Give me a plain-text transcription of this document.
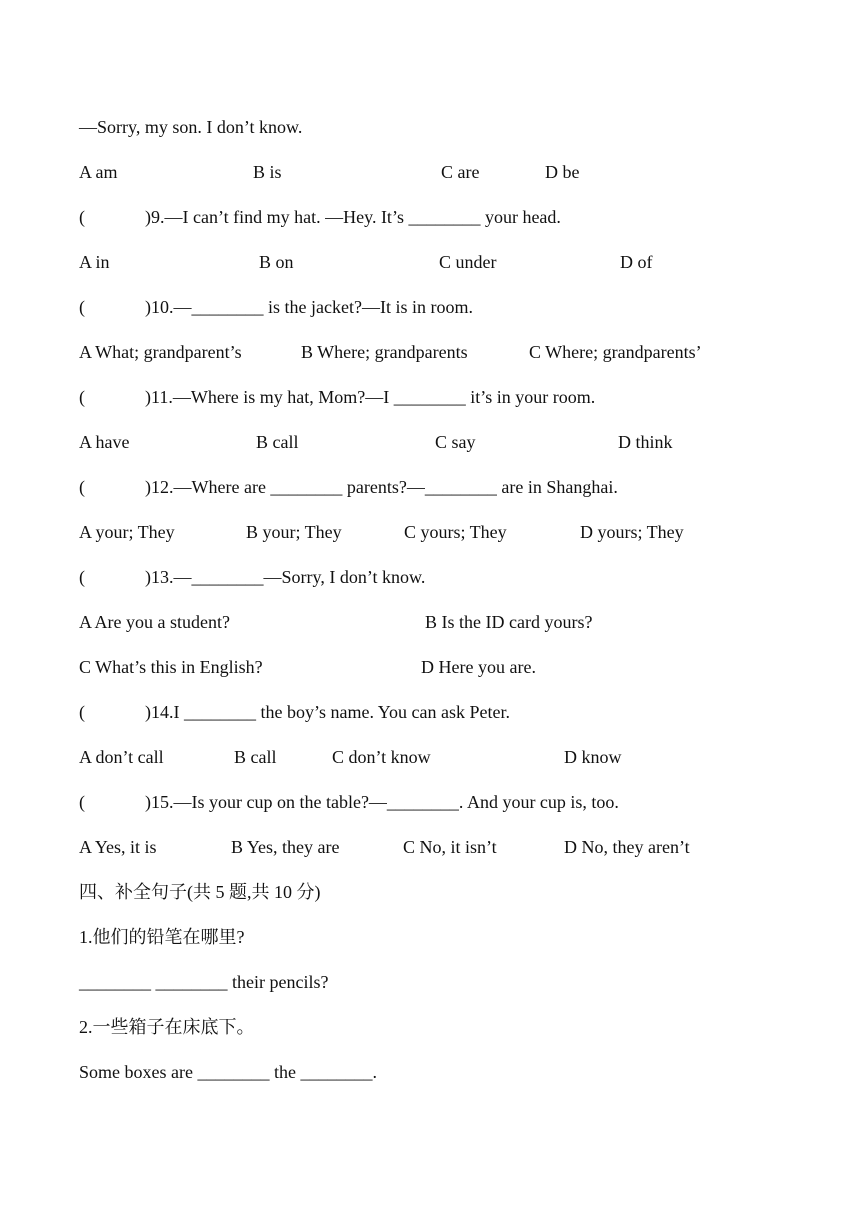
—Sorry, my son. I don’t know.

A am

	B is

	C are

	D be

(	)9.—I can’t find my hat. —Hey. It’s ________ your head.

A in

	B on

	C under

	D of

(	)10.—________ is the jacket?—It is in room.

A What; grandparent’s

	B Where; grandparents

	C Where; grandparents’

(	)11.—Where is my hat, Mom?—I ________ it’s in your room.

A have

	B call

	C say

	D think

(	)12.—Where are ________ parents?—________ are in Shanghai.

A your; They

	B your; They

	C yours; They

	D yours; They

(	)13.—________—Sorry, I don’t know.

A Are you a student?

	B Is the ID card yours?

C What’s this in English?

	D Here you are.

(	)14.I ________ the boy’s name. You can ask Peter.

A don’t call

	B call

	C don’t know

	D know

(	)15.—Is your cup on the table?—________. And your cup is, too.

A Yes, it is

	B Yes, they are

	C No, it isn’t

	D No, they aren’t

四、补全句子(共 5 题,共 10 分)
1.他们的铅笔在哪里?
________ ________ their pencils?
2.一些箱子在床底下。
Some boxes are ________ the ________.
